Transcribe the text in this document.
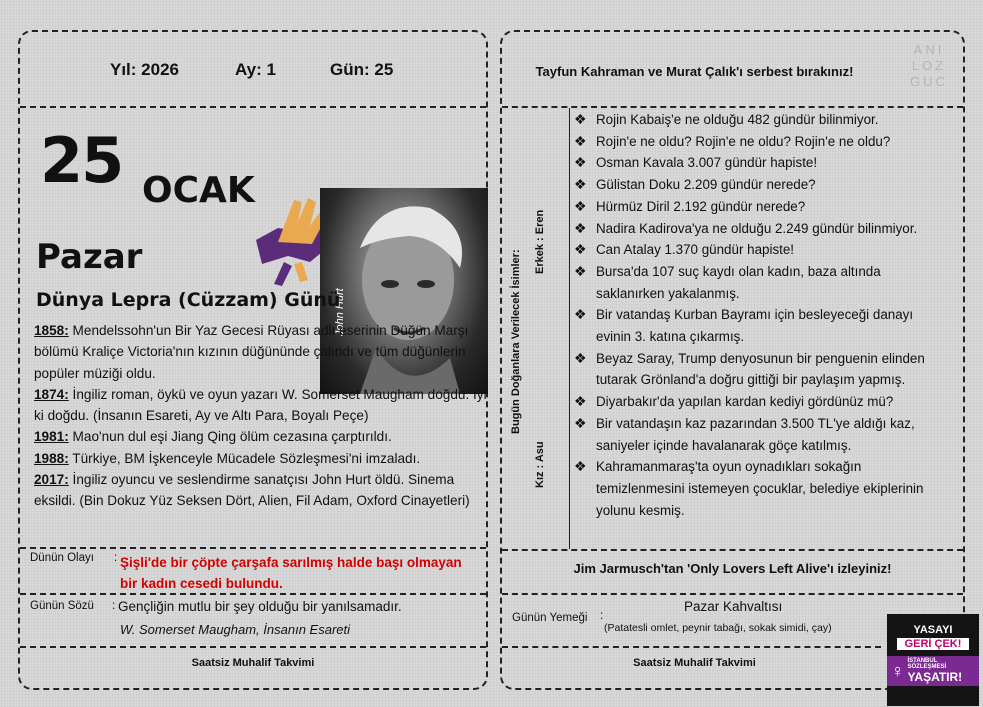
Yıl: 2026	Ay: 1	Gün: 25
25 OCAK
Pazar
John Hurt
Dünya Lepra (Cüzzam) Günü

1858: Mendelssohn'un Bir Yaz Gecesi Rüyası adlı eserinin Düğün Marşı bölümü Kraliçe Victoria'nın kızının düğününde çalındı ve tüm düğünlerin popüler müziği oldu.

1874: İngiliz roman, öykü ve oyun yazarı W. Somerset Maugham doğdu. İyi ki doğdu. (İnsanın Esareti, Ay ve Altı Para, Boyalı Peçe)

1981: Mao'nun dul eşi Jiang Qing ölüm cezasına çarptırıldı.

1988: Türkiye, BM İşkenceyle Mücadele Sözleşmesi'ni imzaladı.

2017: İngiliz oyuncu ve seslendirme sanatçısı John Hurt öldü. Sinema eksildi. (Bin Dokuz Yüz Seksen Dört, Alien, Fil Adam, Oxford Cinayetleri)

Dünün Olayı : Şişli'de bir çöpte çarşafa sarılmış halde başı olmayan
bir kadın cesedi bulundu.
Günün Sözü : Gençliğin mutlu bir şey olduğu bir yanılsamadır.
W. Somerset Maugham, İnsanın Esareti
Saatsiz Muhalif Takvimi
Tayfun Kahraman ve Murat Çalık'ı serbest bırakınız!
ANI
LOZ
GUC
Bugün Doğanlara Verilecek İsimler:
Erkek : Eren
Kız : Asu
❖ Rojin Kabaiş'e ne olduğu 482 gündür bilinmiyor.
❖ Rojin'e ne oldu? Rojin'e ne oldu? Rojin'e ne oldu?
❖ Osman Kavala 3.007 gündür hapiste!
❖ Gülistan Doku 2.209 gündür nerede?
❖ Hürmüz Diril 2.192 gündür nerede?
❖ Nadira Kadirova'ya ne olduğu 2.249 gündür bilinmiyor.
❖ Can Atalay 1.370 gündür hapiste!
❖ Bursa'da 107 suç kaydı olan kadın, baza altında saklanırken yakalanmış.
❖ Bir vatandaş Kurban Bayramı için besleyeceği danayı evinin 3. katına çıkarmış.
❖ Beyaz Saray, Trump denyosunun bir penguenin elinden tutarak Grönland'a doğru gittiği bir paylaşım yapmış.
❖ Diyarbakır'da yapılan kardan kediyi gördünüz mü?
❖ Bir vatandaşın kaz pazarından 3.500 TL'ye aldığı kaz, saniyeler içinde havalanarak göçe katılmış.
❖ Kahramanmaraş'ta oyun oynadıkları sokağın temizlenmesini istemeyen çocuklar, belediye ekiplerinin yolunu kesmiş.
Jim Jarmusch'tan 'Only Lovers Left Alive'ı izleyiniz!
Günün Yemeği :
Pazar Kahvaltısı
(Patatesli omlet, peynir tabağı, sokak simidi, çay)
Saatsiz Muhalif Takvimi
YASAYI
GERİ ÇEK!
♀ İSTANBUL SÖZLEŞMESİ
YAŞATIR!
